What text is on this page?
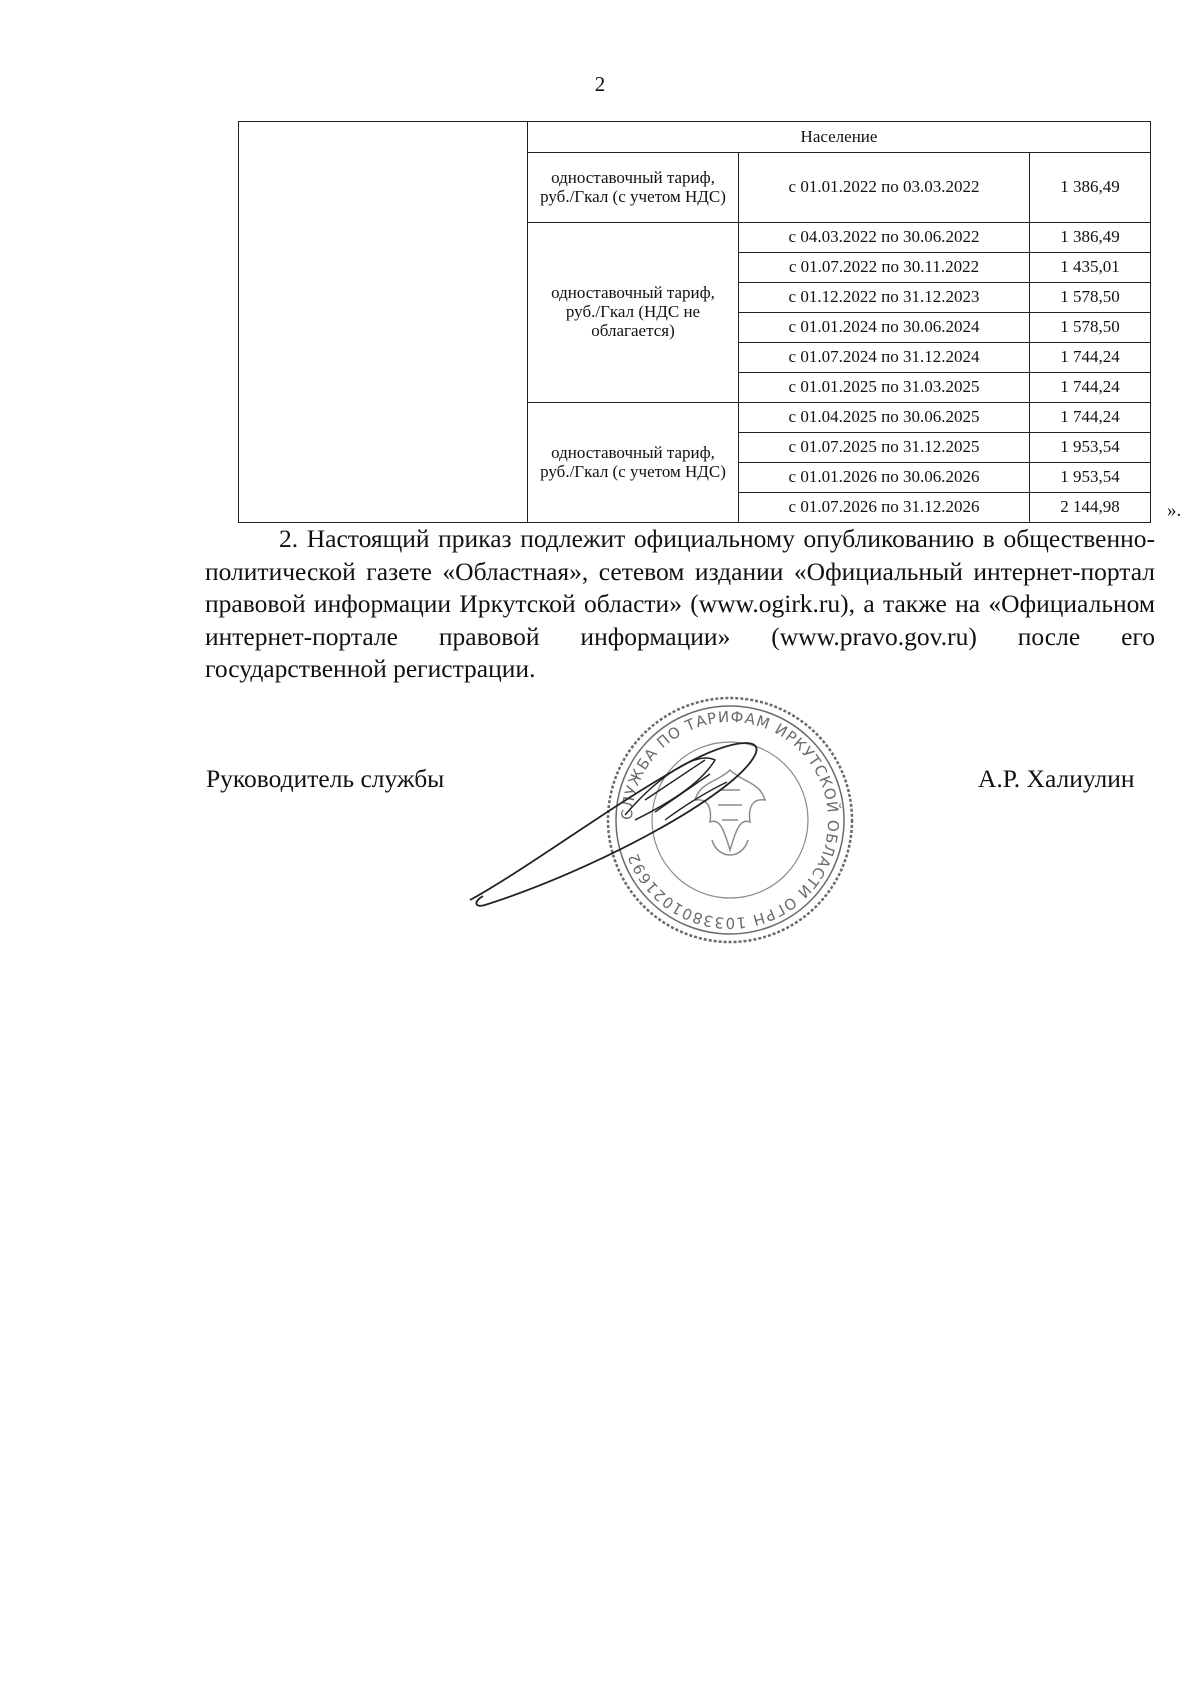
2
	Население		
	одноставочный тариф, руб./Гкал (с учетом НДС)	с 01.01.2022 по 03.03.2022	1 386,49
	одноставочный тариф, руб./Гкал (НДС не облагается)	с 04.03.2022 по 30.06.2022	1 386,49
		с 01.07.2022 по 30.11.2022	1 435,01
		с 01.12.2022 по 31.12.2023	1 578,50
		с 01.01.2024 по 30.06.2024	1 578,50
		с 01.07.2024 по 31.12.2024	1 744,24
		с 01.01.2025 по 31.03.2025	1 744,24
	одноставочный тариф, руб./Гкал (с учетом НДС)	с 01.04.2025 по 30.06.2025	1 744,24
		с 01.07.2025 по 31.12.2025	1 953,54
		с 01.01.2026 по 30.06.2026	1 953,54
		с 01.07.2026 по 31.12.2026	2 144,98 ».

2. Настоящий приказ подлежит официальному опубликованию в общественно-политической газете «Областная», сетевом издании «Официальный интернет-портал правовой информации Иркутской области» (www.ogirk.ru), а также на «Официальном интернет-портале правовой информации» (www.pravo.gov.ru) после его государственной регистрации.

СЛУЖБА ПО ТАРИФАМ ИРКУТСКОЙ ОБЛАСТИ ОГРН 1033801021692
Руководитель службы	А.Р. Халиулин
